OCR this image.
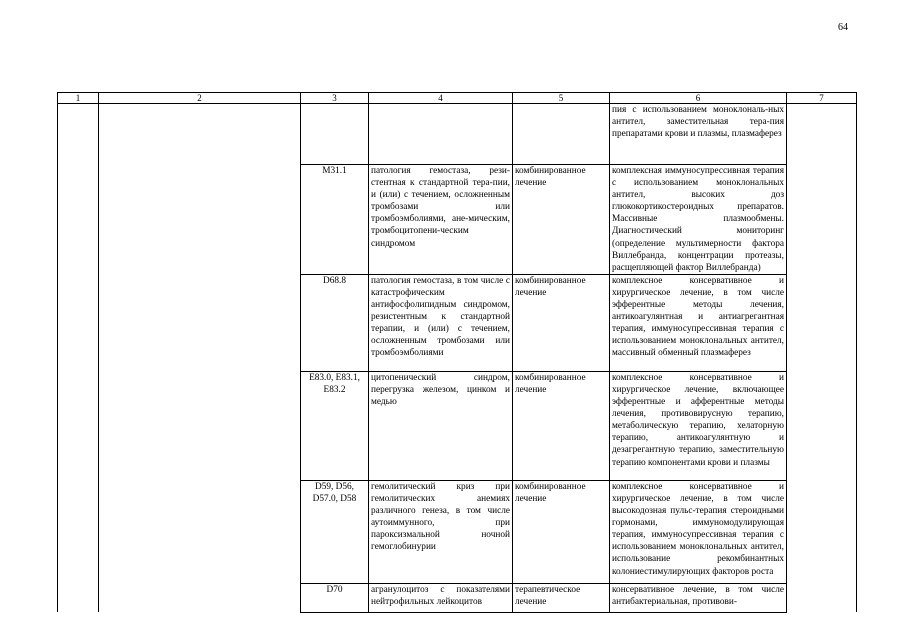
64
1	2	3	4	5	6	7
					пия с использованием моноклональ-ных антител, заместительная тера-пия препаратами крови и плазмы, плазмаферез	
		M31.1	патология гемостаза, рези-стентная к стандартной тера-пии, и (или) с течением, осложненным тромбозами или тромбоэмболиями, ане-мическим, тромбоцитопени-ческим синдромом	комбинированное лечение	комплексная иммуносупрессивная терапия с использованием моноклональных антител, высоких доз глюкокортикостероидных препаратов. Массивные плазмообмены. Диагностический мониторинг (определение мультимерности фактора Виллебранда, концентрации протеазы, расщепляющей фактор Виллебранда)	
		D68.8	патология гемостаза, в том числе с катастрофическим антифосфолипидным синдромом, резистентным к стандартной терапии, и (или) с течением, осложненным тромбозами или тромбоэмболиями	комбинированное лечение	комплексное консервативное и хирургическое лечение, в том числе эфферентные методы лечения, антикоагулянтная и антиагрегантная терапия, иммуносупрессивная терапия с использованием моноклональных антител, массивный обменный плазмаферез	
		E83.0, E83.1, E83.2	цитопенический синдром, перегрузка железом, цинком и медью	комбинированное лечение	комплексное консервативное и хирургическое лечение, включающее эфферентные и афферентные методы лечения, противовирусную терапию, метаболическую терапию, хелаторную терапию, антикоагулянтную и дезагрегантную терапию, заместительную терапию компонентами крови и плазмы	
		D59, D56, D57.0, D58	гемолитический криз при гемолитических анемиях различного генеза, в том числе аутоиммунного, при пароксизмальной ночной гемоглобинурии	комбинированное лечение	комплексное консервативное и хирургическое лечение, в том числе высокодозная пульс-терапия стероидными гормонами, иммуномодулирующая терапия, иммуносупрессивная терапия с использованием моноклональных антител, использование рекомбинантных колониестимулирующих факторов роста	
		D70	агранулоцитоз с показателями нейтрофильных лейкоцитов	терапевтическое лечение	консервативное лечение, в том числе антибактериальная, противови-	
